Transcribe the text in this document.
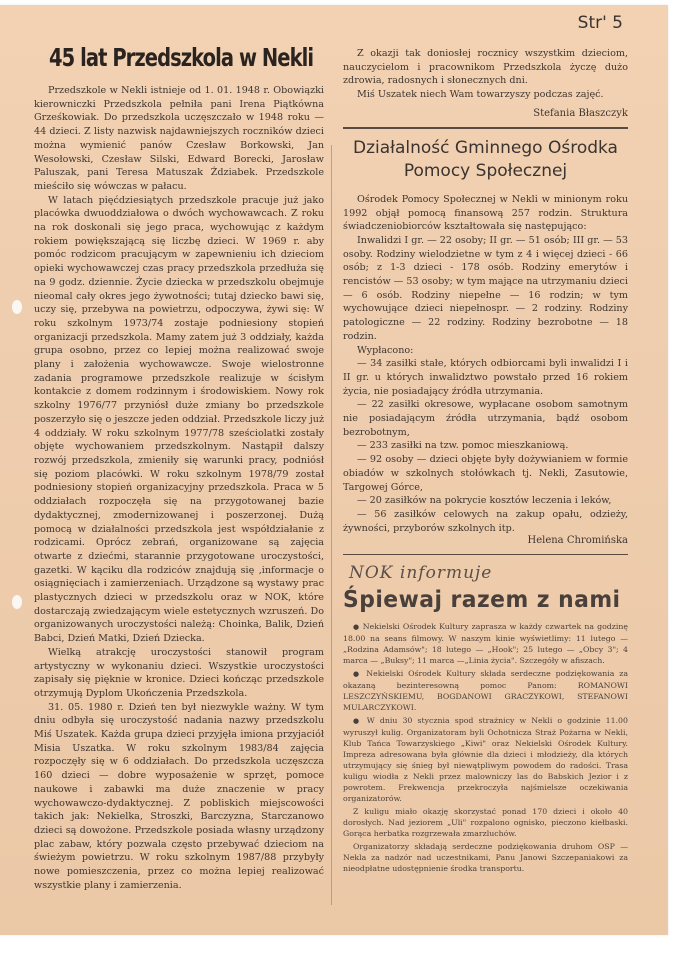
Str' 5
45 lat Przedszkola w Nekli

Przedszkole w Nekli istnieje od 1. 01. 1948 r. Obowiązki kierowniczki Przedszkola pełniła pani Irena Piątkówna Grześkowiak. Do przedszkola uczęszczało w 1948 roku — 44 dzieci. Z listy nazwisk najdawniejszych roczników dzieci można wymienić panów Czesław Borkowski, Jan Wesołowski, Czesław Silski, Edward Borecki, Jarosław Paluszak, pani Teresa Matuszak Żdziabek. Przedszkole mieściło się wówczas w pałacu.

W latach pięćdziesiątych przedszkole pracuje już jako placówka dwuoddziałowa o dwóch wychowawcach. Z roku na rok doskonali się jego praca, wychowując z każdym rokiem powiększającą się liczbę dzieci. W 1969 r. aby pomóc rodzicom pracującym w zapewnieniu ich dzieciom opieki wychowawczej czas pracy przedszkola przedłuża się na 9 godz. dziennie. Życie dziecka w przedszkolu obejmuje nieomal cały okres jego żywotności; tutaj dziecko bawi się, uczy się, przebywa na powietrzu, odpoczywa, żywi się: W roku szkolnym 1973/74 zostaje podniesiony stopień organizacji przedszkola. Mamy zatem już 3 oddziały, każda grupa osobno, przez co lepiej można realizować swoje plany i założenia wychowawcze. Swoje wielostronne zadania programowe przedszkole realizuje w ścisłym kontakcie z domem rodzinnym i środowiskiem. Nowy rok szkolny 1976/77 przyniósł duże zmiany bo przedszkole poszerzyło się o jeszcze jeden oddział. Przedszkole liczy już 4 oddziały. W roku szkolnym 1977/78 sześciolatki zostały objęte wychowaniem przedszkolnym. Nastąpił dalszy rozwój przedszkola, zmieniły się warunki pracy, podniósł się poziom placówki. W roku szkolnym 1978/79 został podniesiony stopień organizacyjny przedszkola. Praca w 5 oddziałach rozpoczęła się na przygotowanej bazie dydaktycznej, zmodernizowanej i poszerzonej. Dużą pomocą w działalności przedszkola jest współdziałanie z rodzicami. Oprócz zebrań, organizowane są zajęcia otwarte z dziećmi, starannie przygotowane uroczystości, gazetki. W kąciku dla rodziców znajdują się ,informacje o osiągnięciach i zamierzeniach. Urządzone są wystawy prac plastycznych dzieci w przedszkolu oraz w NOK, które dostarczają zwiedzającym wiele estetycznych wzruszeń. Do organizowanych uroczystości należą: Choinka, Balik, Dzień Babci, Dzień Matki, Dzień Dziecka.

Wielką atrakcję uroczystości stanowił program artystyczny w wykonaniu dzieci. Wszystkie uroczystości zapisały się pięknie w kronice. Dzieci kończąc przedszkole otrzymują Dyplom Ukończenia Przedszkola.

31. 05. 1980 r. Dzień ten był niezwykle ważny. W tym dniu odbyła się uroczystość nadania nazwy przedszkolu Miś Uszatek. Każda grupa dzieci przyjęła imiona przyjaciół Misia Uszatka. W roku szkolnym 1983/84 zajęcia rozpoczęły się w 6 oddziałach. Do przedszkola uczęszcza 160 dzieci — dobre wyposażenie w sprzęt, pomoce naukowe i zabawki ma duże znaczenie w pracy wychowawczo-dydaktycznej. Z pobliskich miejscowości takich jak: Nekielka, Stroszki, Barczyzna, Starczanowo dzieci są dowożone. Przedszkole posiada własny urządzony plac zabaw, który pozwala często przebywać dzieciom na świeżym powietrzu. W roku szkolnym 1987/88 przybyły nowe pomieszczenia, przez co można lepiej realizować wszystkie plany i zamierzenia.

Z okazji tak doniosłej rocznicy wszystkim dzieciom, nauczycielom i pracownikom Przedszkola życzę dużo zdrowia, radosnych i słonecznych dni.

Miś Uszatek niech Wam towarzyszy podczas zajęć.

Stefania Błaszczyk
Działalność Gminnego Ośrodka
Pomocy Społecznej

Ośrodek Pomocy Społecznej w Nekli w minionym roku 1992 objął pomocą finansową 257 rodzin. Struktura świadczeniobiorców kształtowała się następująco:

Inwalidzi I gr. — 22 osoby; II gr. — 51 osób; III gr. — 53 osoby. Rodziny wielodzietne w tym z 4 i więcej dzieci - 66 osób; z 1-3 dzieci - 178 osób. Rodziny emerytów i rencistów — 53 osoby; w tym mające na utrzymaniu dzieci — 6 osób. Rodziny niepełne — 16 rodzin; w tym wychowujące dzieci niepełnospr. — 2 rodziny. Rodziny patologiczne — 22 rodziny. Rodziny bezrobotne — 18 rodzin.

Wypłacono:

— 34 zasiłki stałe, których odbiorcami byli inwalidzi I i II gr. u których inwalidztwo powstało przed 16 rokiem życia, nie posiadający źródła utrzymania.

— 22 zasiłki okresowe, wypłacane osobom samotnym nie posiadającym źródła utrzymania, bądź osobom bezrobotnym,

— 233 zasiłki na tzw. pomoc mieszkaniową.

— 92 osoby — dzieci objęte były dożywianiem w formie obiadów w szkolnych stołówkach tj. Nekli, Zasutowie, Targowej Górce,

— 20 zasiłków na pokrycie kosztów leczenia i leków,

— 56 zasiłków celowych na zakup opału, odzieży, żywności, przyborów szkolnych itp.

Helena Chromińska
NOK informuje
Śpiewaj razem z nami

● Nekielski Ośrodek Kultury zaprasza w każdy czwartek na godzinę 18.00 na seans filmowy. W naszym kinie wyświetlimy: 11 lutego — „Rodzina Adamsów"; 18 lutego — „Hook"; 25 lutego — „Obcy 3"; 4 marca — „Buksy"; 11 marca —„Linia życia". Szczegóły w afiszach.

● Nekielski Ośrodek Kultury składa serdeczne podziękowania za okazaną bezinteresowną pomoc Panom: ROMANOWI LESZCZYŃSKIEMU, BOGDANOWI GRACZYKOWI, STEFANOWI MULARCZYKOWI.

● W dniu 30 stycznia spod strażnicy w Nekli o godzinie 11.00 wyruszył kulig. Organizatoram byli Ochotnicza Straż Pożarna w Nekli, Klub Tańca Towarzyskiego „Kiwi" oraz Nekielski Ośrodek Kultury. Impreza adresowana była głównie dla dzieci i młodzieży, dla których utrzymujący się śnieg był niewątpliwym powodem do radości. Trasa kuligu wiodła z Nekli przez malowniczy las do Babskich Jezior i z powrotem. Frekwencja przekroczyła najśmielsze oczekiwania organizatorów.

Z kuligu miało okazję skorzystać ponad 170 dzieci i około 40 dorosłych. Nad jeziorem „Uli" rozpalono ognisko, pieczono kiełbaski. Gorąca herbatka rozgrzewała zmarzluchów.

Organizatorzy składają serdeczne podziękowania druhom OSP — Nekla za nadzór nad uczestnikami, Panu Janowi Szczepaniakowi za nieodpłatne udostępnienie środka transportu.
